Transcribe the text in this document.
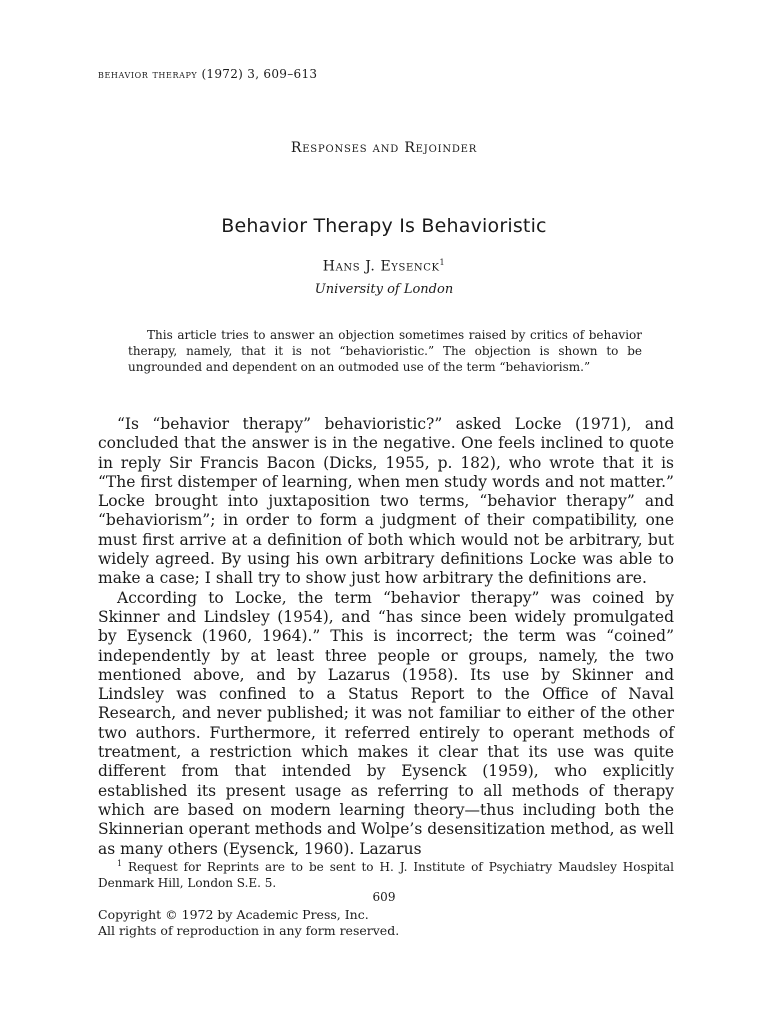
behavior therapy (1972) 3, 609–613
Responses and Rejoinder
Behavior Therapy Is Behavioristic
Hans J. Eysenck$^1$
University of London

This article tries to answer an objection sometimes raised by critics of behavior therapy, namely, that it is not “behavioristic.” The objection is shown to be ungrounded and dependent on an outmoded use of the term “behaviorism.”

“Is “behavior therapy” behavioristic?” asked Locke (1971), and concluded that the answer is in the negative. One feels inclined to quote in reply Sir Francis Bacon (Dicks, 1955, p. 182), who wrote that it is “The first distemper of learning, when men study words and not matter.” Locke brought into juxtaposition two terms, “behavior therapy” and “behaviorism”; in order to form a judgment of their compatibility, one must first arrive at a definition of both which would not be arbitrary, but widely agreed. By using his own arbitrary definitions Locke was able to make a case; I shall try to show just how arbitrary the definitions are.

According to Locke, the term “behavior therapy” was coined by Skinner and Lindsley (1954), and “has since been widely promulgated by Eysenck (1960, 1964).” This is incorrect; the term was “coined” independently by at least three people or groups, namely, the two mentioned above, and by Lazarus (1958). Its use by Skinner and Lindsley was confined to a Status Report to the Office of Naval Research, and never published; it was not familiar to either of the other two authors. Furthermore, it referred entirely to operant methods of treatment, a restriction which makes it clear that its use was quite different from that intended by Eysenck (1959), who explicitly established its present usage as referring to all methods of therapy which are based on modern learning theory—thus including both the Skinnerian operant methods and Wolpe’s desensitization method, as well as many others (Eysenck, 1960). Lazarus

$^1$ Request for Reprints are to be sent to H. J. Institute of Psychiatry Maudsley Hospital Denmark Hill, London S.E. 5.

609
Copyright © 1972 by Academic Press, Inc.
All rights of reproduction in any form reserved.
